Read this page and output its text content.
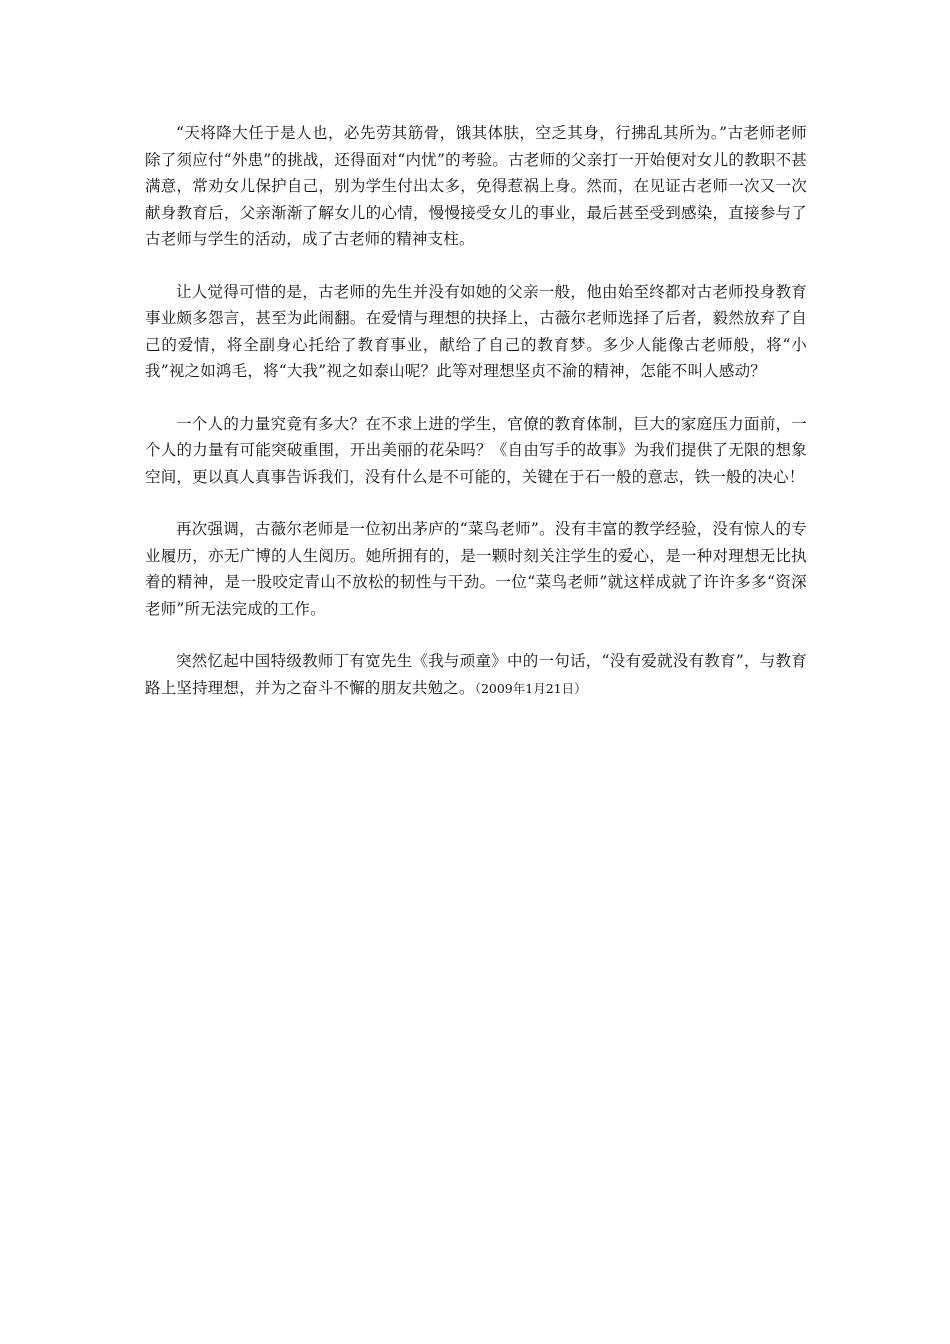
“天将降大任于是人也，必先劳其筋骨，饿其体肤，空乏其身，行拂乱其所为。”古老师老师除了须应付“外患”的挑战，还得面对“内忧”的考验。古老师的父亲打一开始便对女儿的教职不甚满意，常劝女儿保护自己，别为学生付出太多，免得惹祸上身。然而，在见证古老师一次又一次献身教育后，父亲渐渐了解女儿的心情，慢慢接受女儿的事业，最后甚至受到感染，直接参与了古老师与学生的活动，成了古老师的精神支柱。

让人觉得可惜的是，古老师的先生并没有如她的父亲一般，他由始至终都对古老师投身教育事业颇多怨言，甚至为此闹翻。在爱情与理想的抉择上，古薇尔老师选择了后者，毅然放弃了自己的爱情，将全副身心托给了教育事业，献给了自己的教育梦。多少人能像古老师般，将“小我”视之如鸿毛，将“大我”视之如泰山呢？此等对理想坚贞不渝的精神，怎能不叫人感动？

一个人的力量究竟有多大？在不求上进的学生，官僚的教育体制，巨大的家庭压力面前，一个人的力量有可能突破重围，开出美丽的花朵吗？《自由写手的故事》为我们提供了无限的想象空间，更以真人真事告诉我们，没有什么是不可能的，关键在于石一般的意志，铁一般的决心！

再次强调，古薇尔老师是一位初出茅庐的“菜鸟老师”。没有丰富的教学经验，没有惊人的专业履历，亦无广博的人生阅历。她所拥有的，是一颗时刻关注学生的爱心，是一种对理想无比执着的精神，是一股咬定青山不放松的韧性与干劲。一位“菜鸟老师”就这样成就了许许多多“资深老师”所无法完成的工作。

突然忆起中国特级教师丁有宽先生《我与顽童》中的一句话，“没有爱就没有教育”，与教育路上坚持理想，并为之奋斗不懈的朋友共勉之。（2009年1月21日）
